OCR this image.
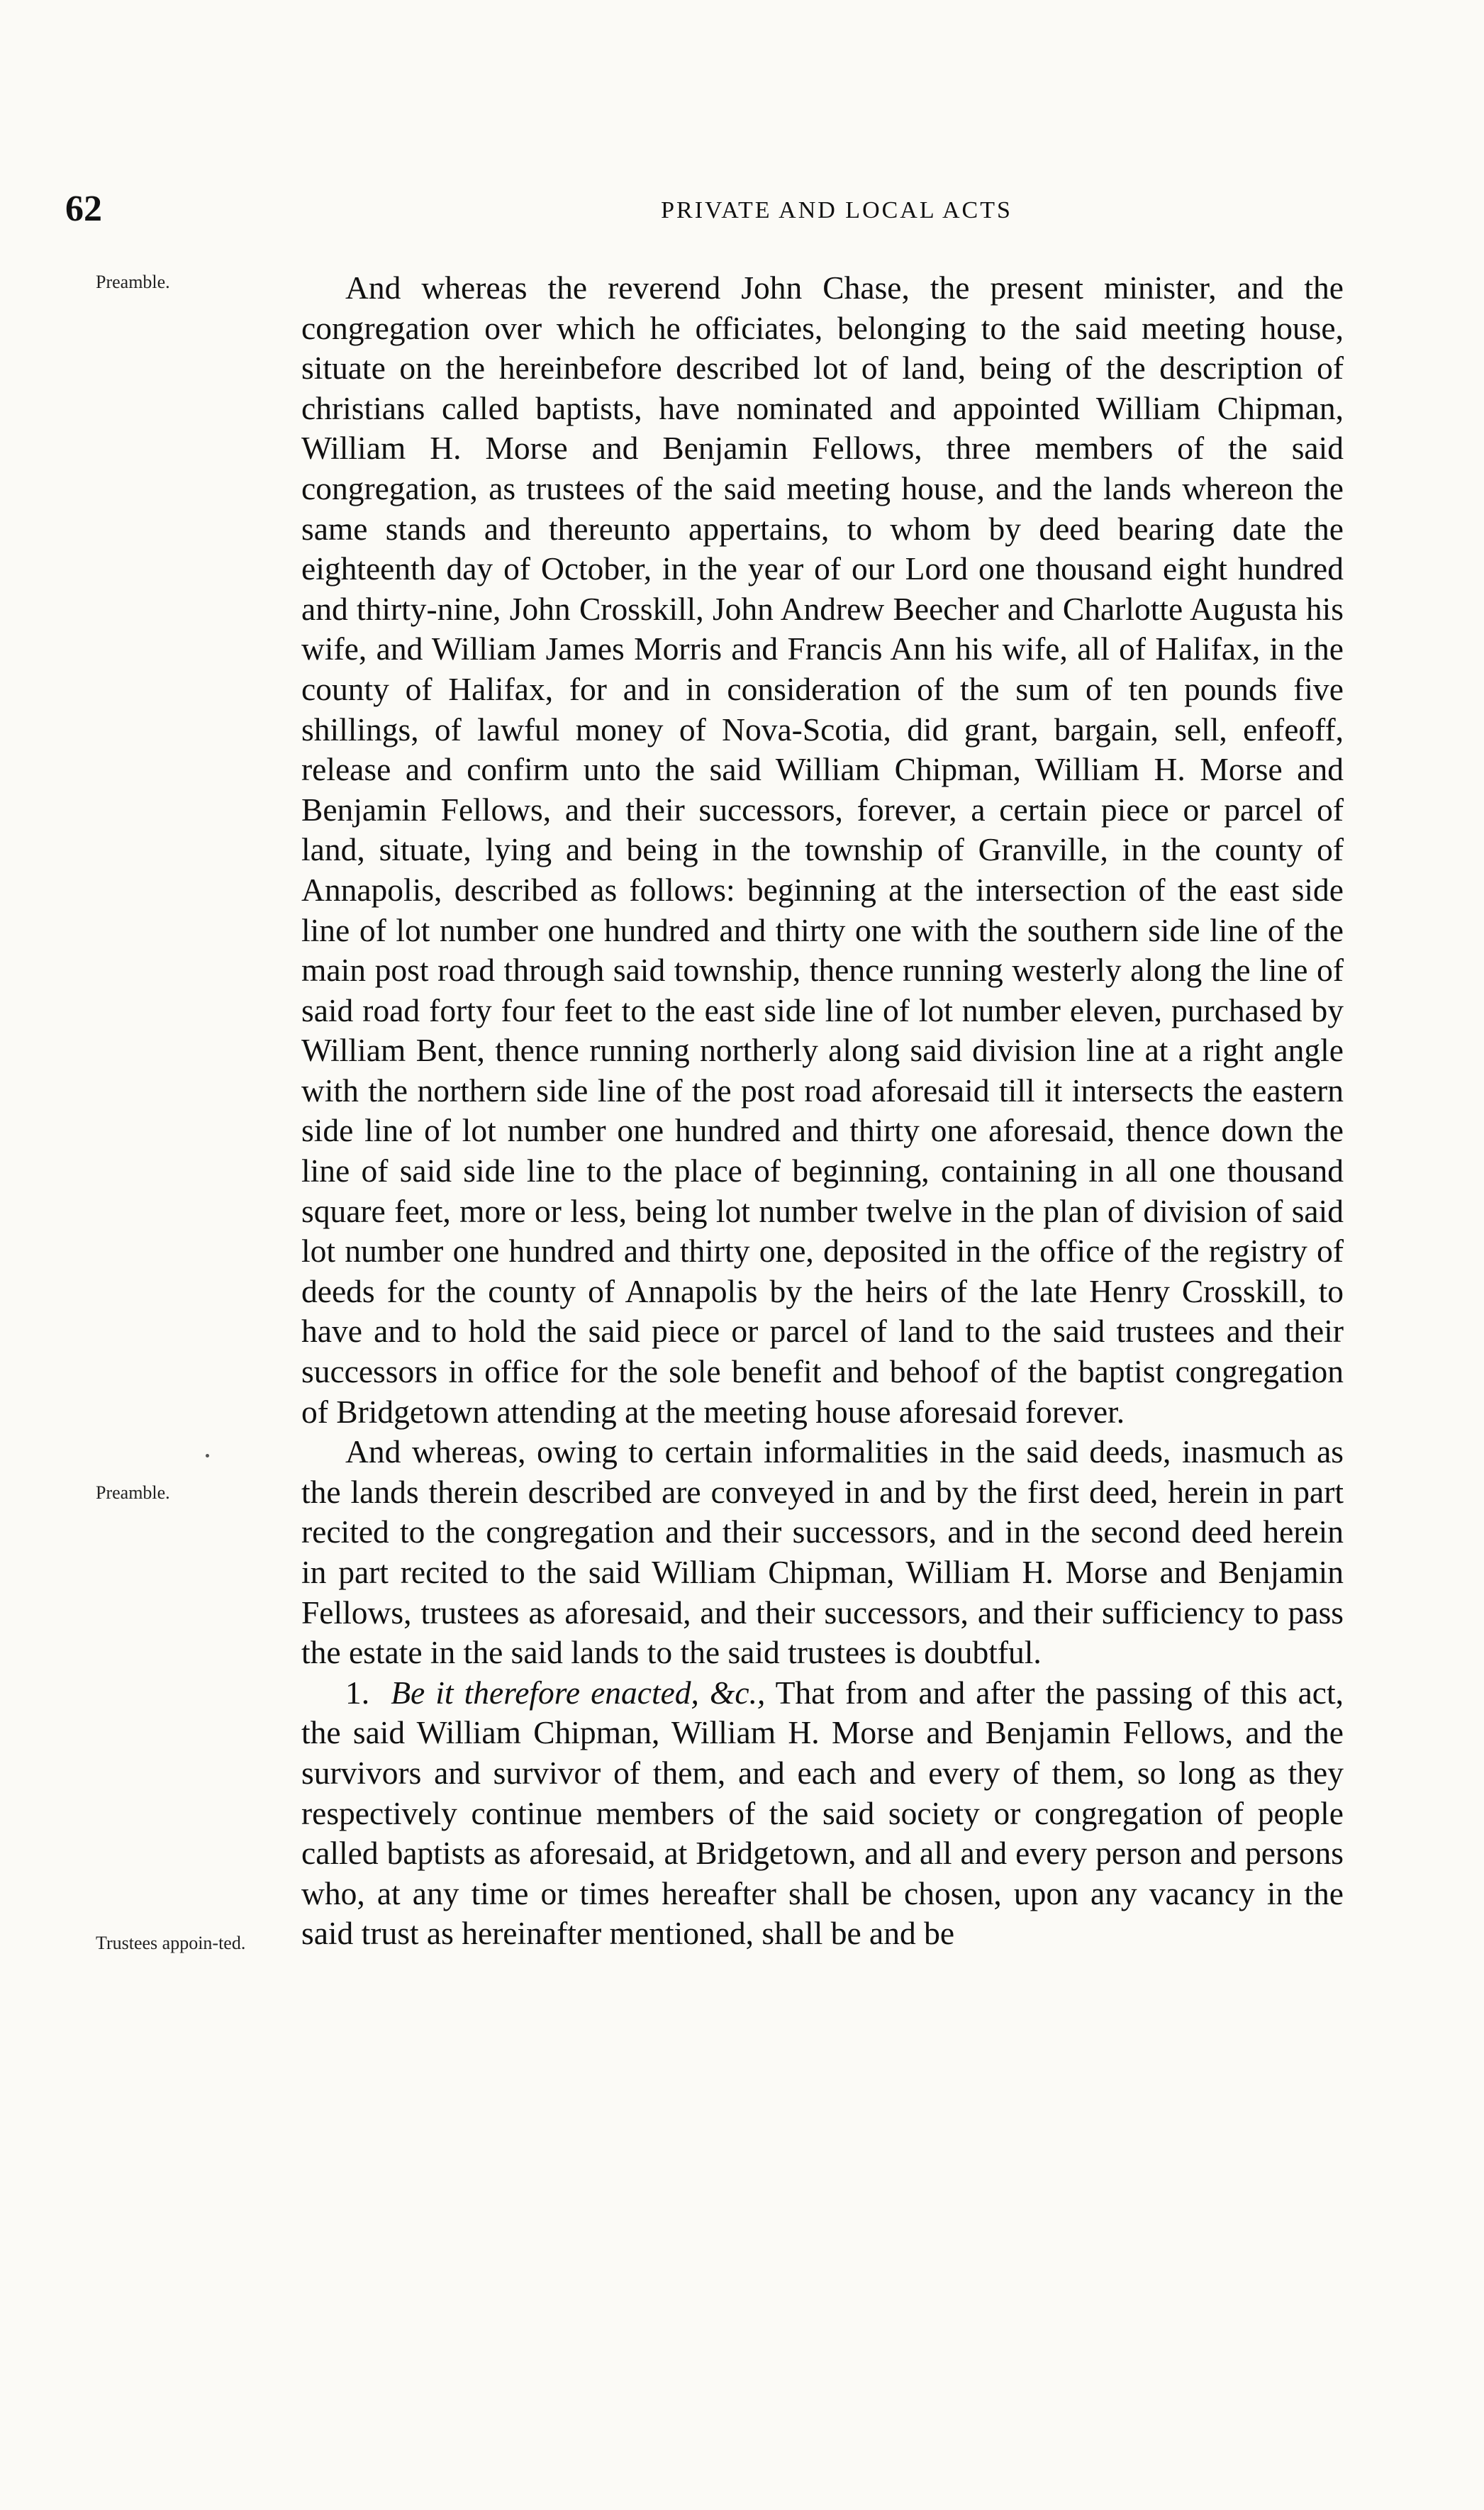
62	PRIVATE AND LOCAL ACTS
Preamble.
Preamble.
Trustees appoin-ted.

And whereas the reverend John Chase, the present minister, and the congregation over which he officiates, belonging to the said meeting house, situate on the hereinbefore described lot of land, being of the description of christians called baptists, have nominated and appointed William Chipman, William H. Morse and Benjamin Fellows, three members of the said congregation, as trustees of the said meeting house, and the lands whereon the same stands and thereunto appertains, to whom by deed bearing date the eighteenth day of October, in the year of our Lord one thousand eight hundred and thirty-nine, John Crosskill, John Andrew Beecher and Charlotte Augusta his wife, and William James Morris and Francis Ann his wife, all of Halifax, in the county of Halifax, for and in consideration of the sum of ten pounds five shillings, of lawful money of Nova-Scotia, did grant, bargain, sell, enfeoff, release and confirm unto the said William Chipman, William H. Morse and Benjamin Fellows, and their successors, forever, a certain piece or parcel of land, situate, lying and being in the township of Granville, in the county of Annapolis, described as follows: beginning at the intersection of the east side line of lot number one hundred and thirty one with the southern side line of the main post road through said township, thence running westerly along the line of said road forty four feet to the east side line of lot number eleven, purchased by William Bent, thence running northerly along said division line at a right angle with the northern side line of the post road aforesaid till it intersects the eastern side line of lot number one hundred and thirty one aforesaid, thence down the line of said side line to the place of beginning, containing in all one thousand square feet, more or less, being lot number twelve in the plan of division of said lot number one hundred and thirty one, deposited in the office of the registry of deeds for the county of Annapolis by the heirs of the late Henry Crosskill, to have and to hold the said piece or parcel of land to the said trustees and their successors in office for the sole benefit and behoof of the baptist congregation of Bridgetown attending at the meeting house aforesaid forever.

And whereas, owing to certain informalities in the said deeds, inasmuch as the lands therein described are conveyed in and by the first deed, herein in part recited to the congregation and their successors, and in the second deed herein in part recited to the said William Chipman, William H. Morse and Benjamin Fellows, trustees as aforesaid, and their successors, and their sufficiency to pass the estate in the said lands to the said trustees is doubtful.

1. Be it therefore enacted, &c., That from and after the passing of this act, the said William Chipman, William H. Morse and Benjamin Fellows, and the survivors and survivor of them, and each and every of them, so long as they respectively continue members of the said society or congregation of people called baptists as aforesaid, at Bridgetown, and all and every person and persons who, at any time or times hereafter shall be chosen, upon any vacancy in the said trust as hereinafter mentioned, shall be and be
